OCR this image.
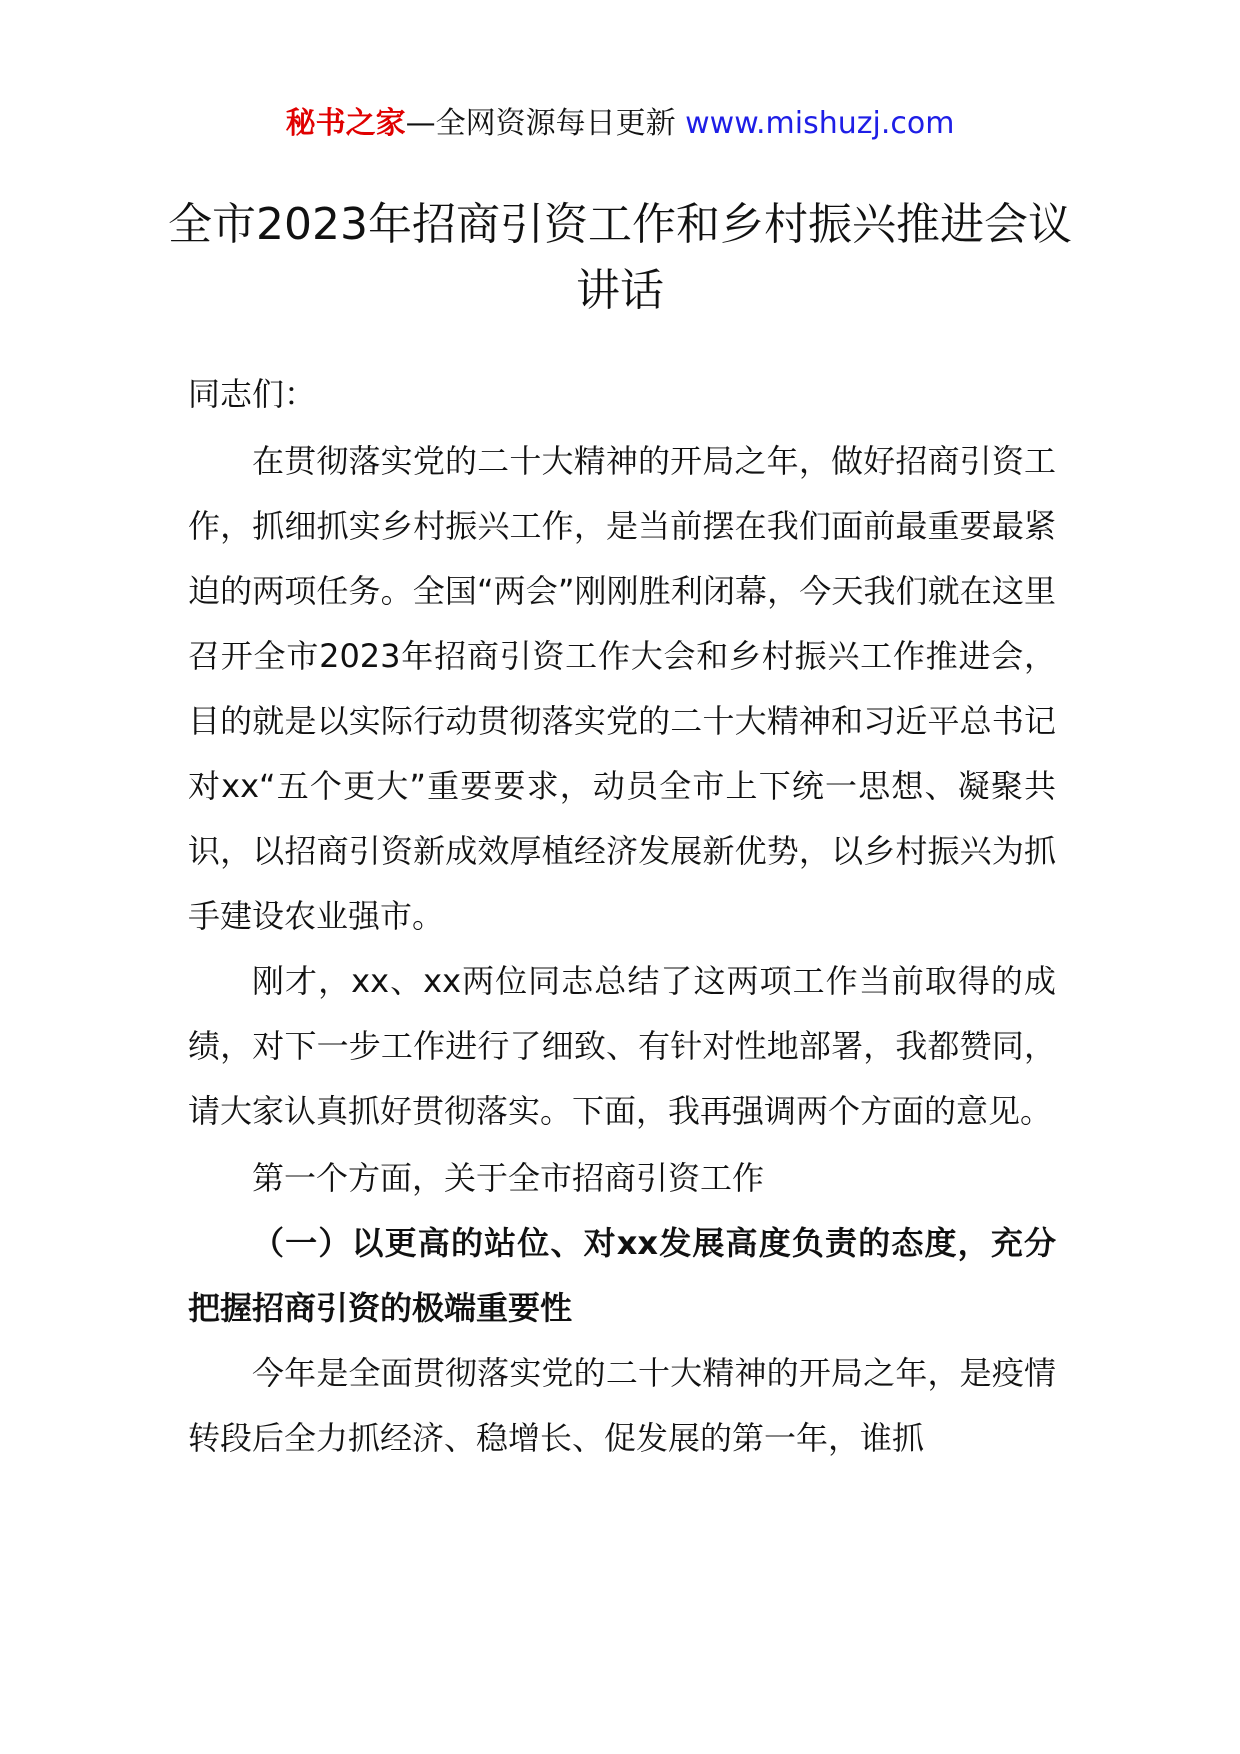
秘书之家—全网资源每日更新 www.mishuzj.com
全市2023年招商引资工作和乡村振兴推进会议讲话

同志们：

在贯彻落实党的二十大精神的开局之年，做好招商引资工作，抓细抓实乡村振兴工作，是当前摆在我们面前最重要最紧迫的两项任务。全国“两会”刚刚胜利闭幕，今天我们就在这里召开全市2023年招商引资工作大会和乡村振兴工作推进会，目的就是以实际行动贯彻落实党的二十大精神和习近平总书记对xx“五个更大”重要要求，动员全市上下统一思想、凝聚共识，以招商引资新成效厚植经济发展新优势，以乡村振兴为抓手建设农业强市。

刚才，xx、xx两位同志总结了这两项工作当前取得的成绩，对下一步工作进行了细致、有针对性地部署，我都赞同，请大家认真抓好贯彻落实。下面，我再强调两个方面的意见。

第一个方面，关于全市招商引资工作

（一）以更高的站位、对xx发展高度负责的态度，充分把握招商引资的极端重要性

今年是全面贯彻落实党的二十大精神的开局之年，是疫情转段后全力抓经济、稳增长、促发展的第一年，谁抓
